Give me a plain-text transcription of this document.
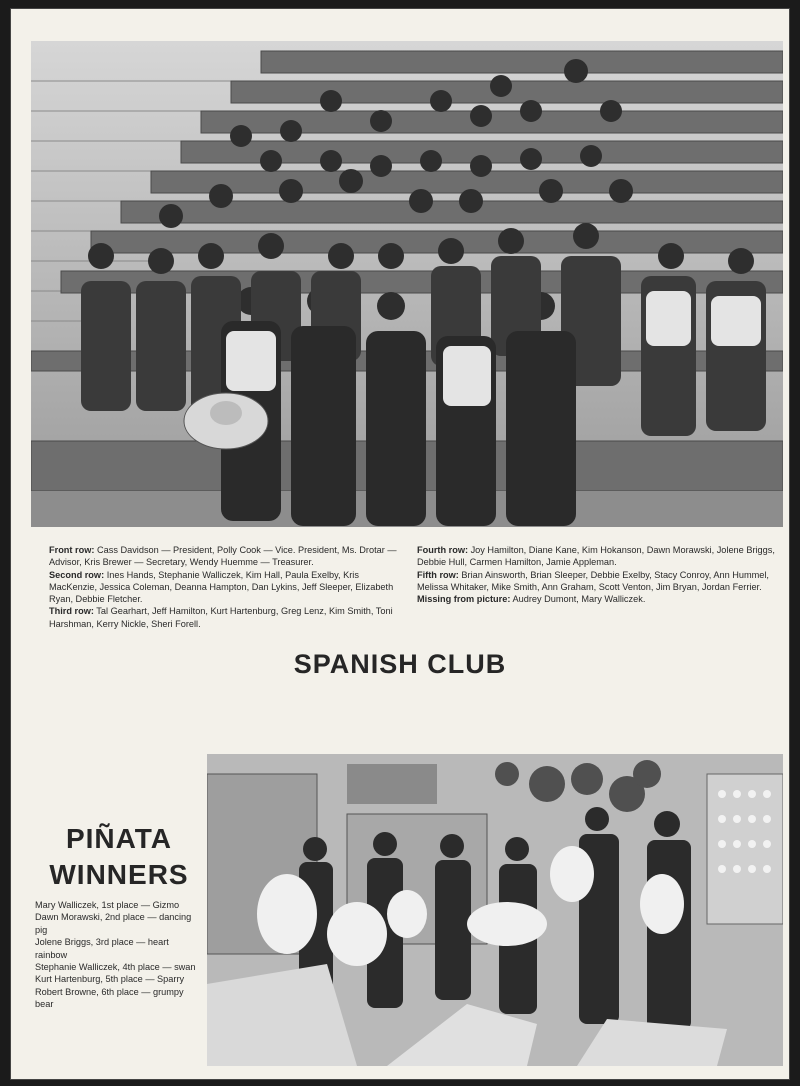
Front row: Cass Davidson — President, Polly Cook — Vice. President, Ms. Drotar — Advisor, Kris Brewer — Secretary, Wendy Huemme — Treasurer.

Second row: Ines Hands, Stephanie Walliczek, Kim Hall, Paula Exelby, Kris MacKenzie, Jessica Coleman, Deanna Hampton, Dan Lykins, Jeff Sleeper, Elizabeth Ryan, Debbie Fletcher.

Third row: Tal Gearhart, Jeff Hamilton, Kurt Hartenburg, Greg Lenz, Kim Smith, Toni Harshman, Kerry Nickle, Sheri Forell.

Fourth row: Joy Hamilton, Diane Kane, Kim Hokanson, Dawn Morawski, Jolene Briggs, Debbie Hull, Carmen Hamilton, Jamie Appleman.

Fifth row: Brian Ainsworth, Brian Sleeper, Debbie Exelby, Stacy Conroy, Ann Hummel, Melissa Whitaker, Mike Smith, Ann Graham, Scott Venton, Jim Bryan, Jordan Ferrier.

Missing from picture: Audrey Dumont, Mary Walliczek.

SPANISH CLUB
PIÑATA
WINNERS
Mary Walliczek, 1st place — Gizmo
Dawn Morawski, 2nd place — dancing pig
Jolene Briggs, 3rd place — heart rainbow
Stephanie Walliczek, 4th place — swan
Kurt Hartenburg, 5th place — Sparry
Robert Browne, 6th place — grumpy bear
